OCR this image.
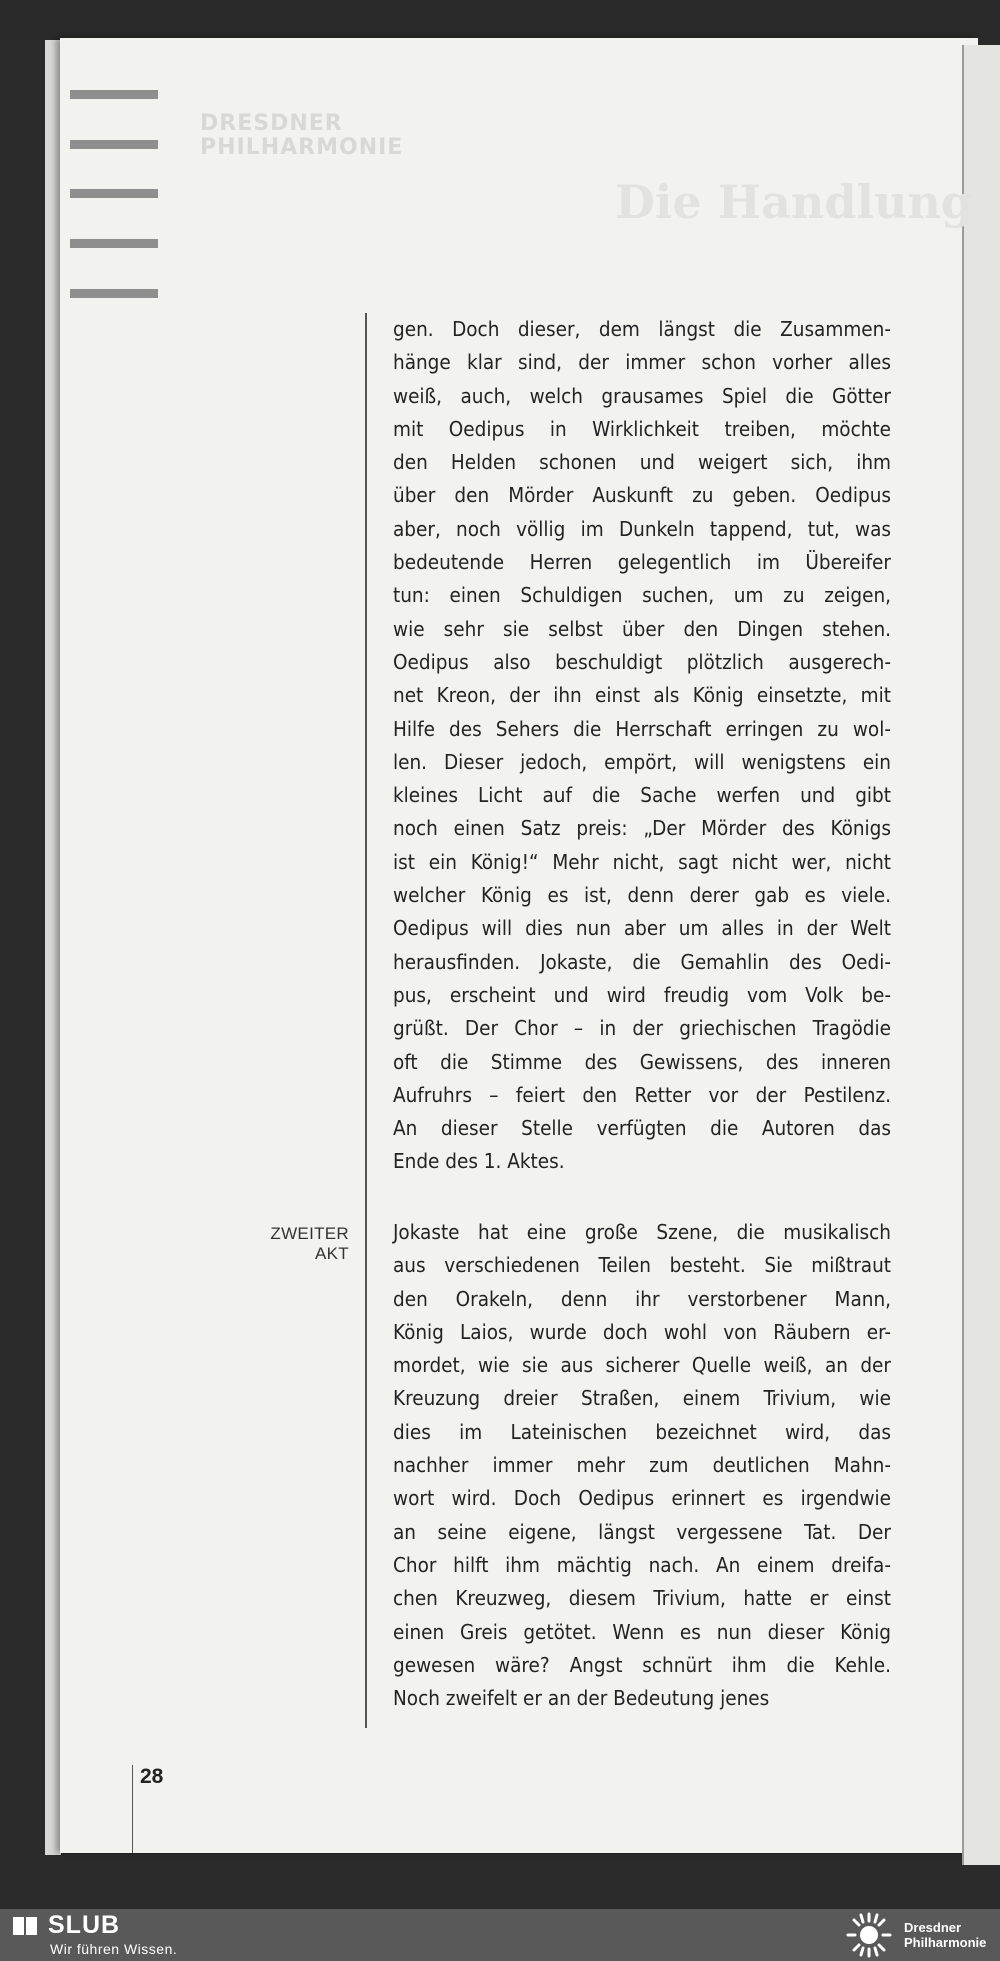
DRESDNER
PHILHARMONIE
Die Handlung
gen. Doch dieser, dem längst die Zusammen-
hänge klar sind, der immer schon vorher alles
weiß, auch, welch grausames Spiel die Götter
mit Oedipus in Wirklichkeit treiben, möchte
den Helden schonen und weigert sich, ihm
über den Mörder Auskunft zu geben. Oedipus
aber, noch völlig im Dunkeln tappend, tut, was
bedeutende Herren gelegentlich im Übereifer
tun: einen Schuldigen suchen, um zu zeigen,
wie sehr sie selbst über den Dingen stehen.
Oedipus also beschuldigt plötzlich ausgerech-
net Kreon, der ihn einst als König einsetzte, mit
Hilfe des Sehers die Herrschaft erringen zu wol-
len. Dieser jedoch, empört, will wenigstens ein
kleines Licht auf die Sache werfen und gibt
noch einen Satz preis: „Der Mörder des Königs
ist ein König!“ Mehr nicht, sagt nicht wer, nicht
welcher König es ist, denn derer gab es viele.
Oedipus will dies nun aber um alles in der Welt
herausfinden. Jokaste, die Gemahlin des Oedi-
pus, erscheint und wird freudig vom Volk be-
grüßt. Der Chor – in der griechischen Tragödie
oft die Stimme des Gewissens, des inneren
Aufruhrs – feiert den Retter vor der Pestilenz.
An dieser Stelle verfügten die Autoren das
Ende des 1. Aktes.
ZWEITER AKT
Jokaste hat eine große Szene, die musikalisch
aus verschiedenen Teilen besteht. Sie mißtraut
den Orakeln, denn ihr verstorbener Mann,
König Laios, wurde doch wohl von Räubern er-
mordet, wie sie aus sicherer Quelle weiß, an der
Kreuzung dreier Straßen, einem Trivium, wie
dies im Lateinischen bezeichnet wird, das
nachher immer mehr zum deutlichen Mahn-
wort wird. Doch Oedipus erinnert es irgendwie
an seine eigene, längst vergessene Tat. Der
Chor hilft ihm mächtig nach. An einem dreifa-
chen Kreuzweg, diesem Trivium, hatte er einst
einen Greis getötet. Wenn es nun dieser König
gewesen wäre? Angst schnürt ihm die Kehle.
Noch zweifelt er an der Bedeutung jenes
28
SLUB
Wir führen Wissen.
Dresdner
Philharmonie
